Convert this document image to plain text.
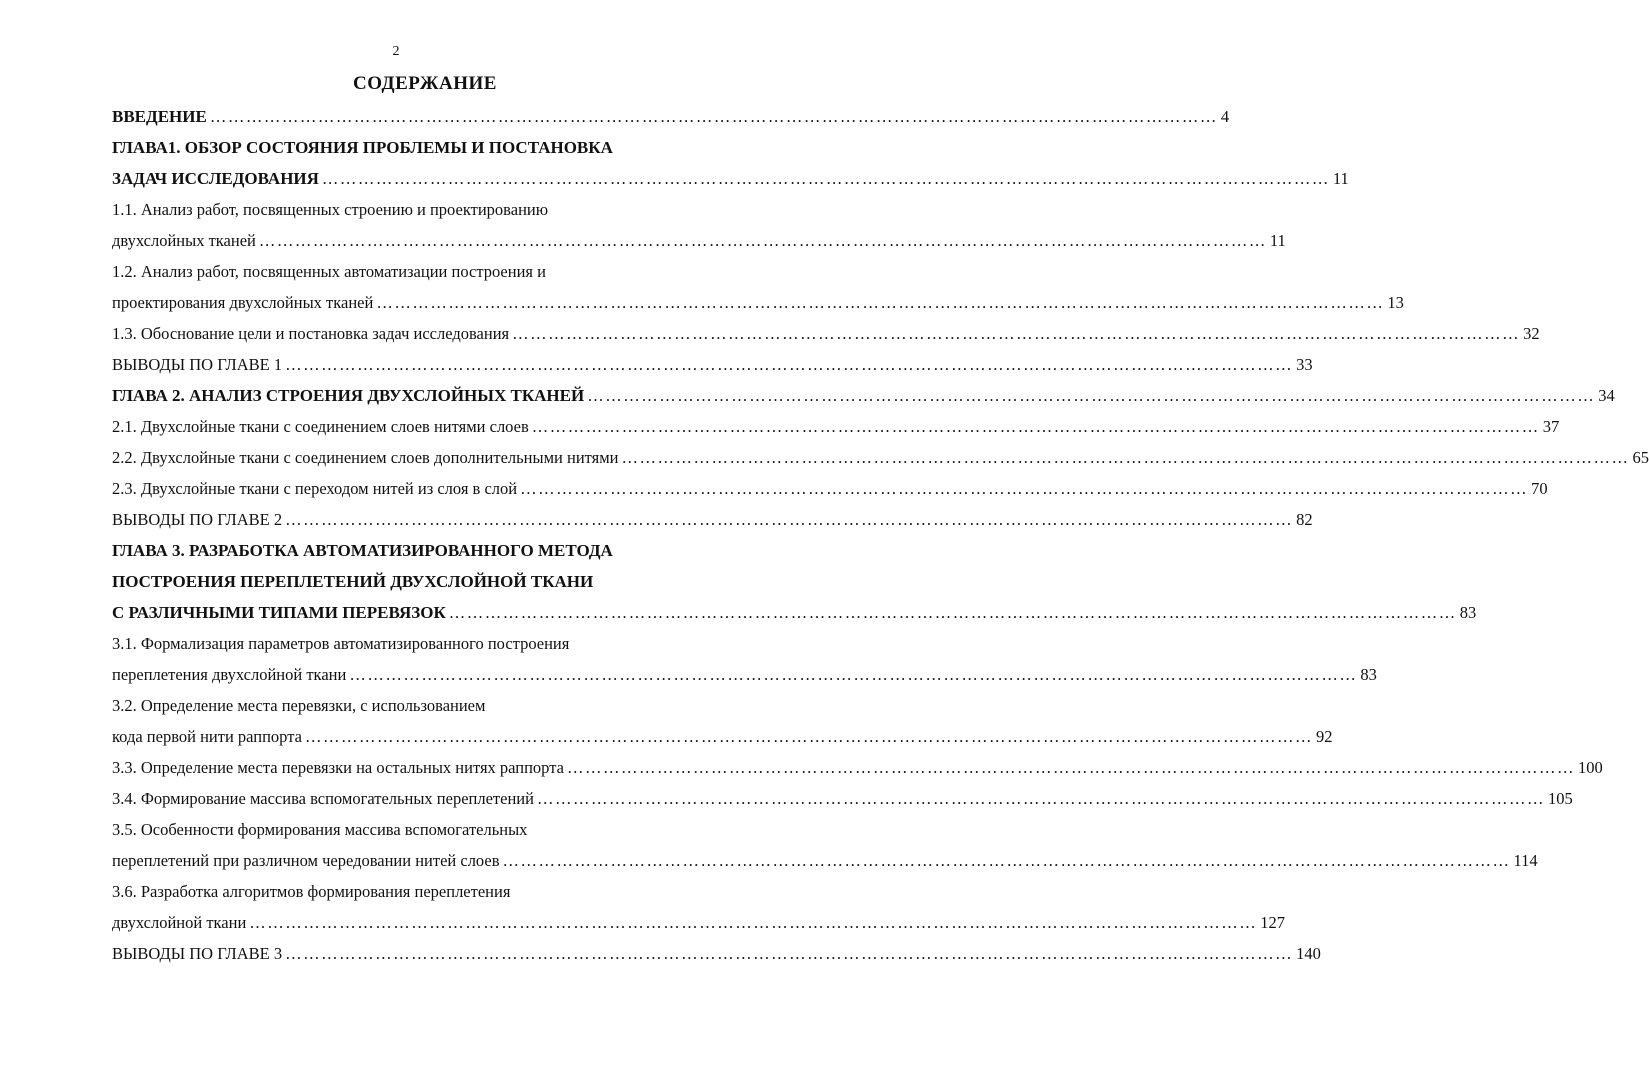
2
СОДЕРЖАНИЕ
ВВЕДЕНИЕ …………………………………………………………………………………………………………………………………………………… 4
ГЛАВА1. ОБЗОР СОСТОЯНИЯ ПРОБЛЕМЫ И ПОСТАНОВКА
ЗАДАЧ ИССЛЕДОВАНИЯ …………………………………………………………………………………………………………………………………………………… 11
1.1. Анализ работ, посвященных строению и проектированию
двухслойных тканей …………………………………………………………………………………………………………………………………………………… 11
1.2. Анализ работ, посвященных автоматизации построения и
проектирования двухслойных тканей …………………………………………………………………………………………………………………………………………………… 13
1.3. Обоснование цели и постановка задач исследования …………………………………………………………………………………………………………………………………………………… 32
ВЫВОДЫ ПО ГЛАВЕ 1 …………………………………………………………………………………………………………………………………………………… 33
ГЛАВА 2. АНАЛИЗ СТРОЕНИЯ ДВУХСЛОЙНЫХ ТКАНЕЙ …………………………………………………………………………………………………………………………………………………… 34
2.1. Двухслойные ткани с соединением слоев нитями слоев …………………………………………………………………………………………………………………………………………………… 37
2.2. Двухслойные ткани с соединением слоев дополнительными нитями …………………………………………………………………………………………………………………………………………………… 65
2.3. Двухслойные ткани с переходом нитей из слоя в слой …………………………………………………………………………………………………………………………………………………… 70
ВЫВОДЫ ПО ГЛАВЕ 2 …………………………………………………………………………………………………………………………………………………… 82
ГЛАВА 3. РАЗРАБОТКА АВТОМАТИЗИРОВАННОГО МЕТОДА
ПОСТРОЕНИЯ ПЕРЕПЛЕТЕНИЙ ДВУХСЛОЙНОЙ ТКАНИ
С РАЗЛИЧНЫМИ ТИПАМИ ПЕРЕВЯЗОК …………………………………………………………………………………………………………………………………………………… 83
3.1. Формализация параметров автоматизированного построения
переплетения двухслойной ткани …………………………………………………………………………………………………………………………………………………… 83
3.2. Определение места перевязки, с использованием
кода первой нити раппорта …………………………………………………………………………………………………………………………………………………… 92
3.3. Определение места перевязки на остальных нитях раппорта …………………………………………………………………………………………………………………………………………………… 100
3.4. Формирование массива вспомогательных переплетений …………………………………………………………………………………………………………………………………………………… 105
3.5. Особенности формирования массива вспомогательных
переплетений при различном чередовании нитей слоев …………………………………………………………………………………………………………………………………………………… 114
3.6. Разработка алгоритмов формирования переплетения
двухслойной ткани …………………………………………………………………………………………………………………………………………………… 127
ВЫВОДЫ ПО ГЛАВЕ 3 …………………………………………………………………………………………………………………………………………………… 140
